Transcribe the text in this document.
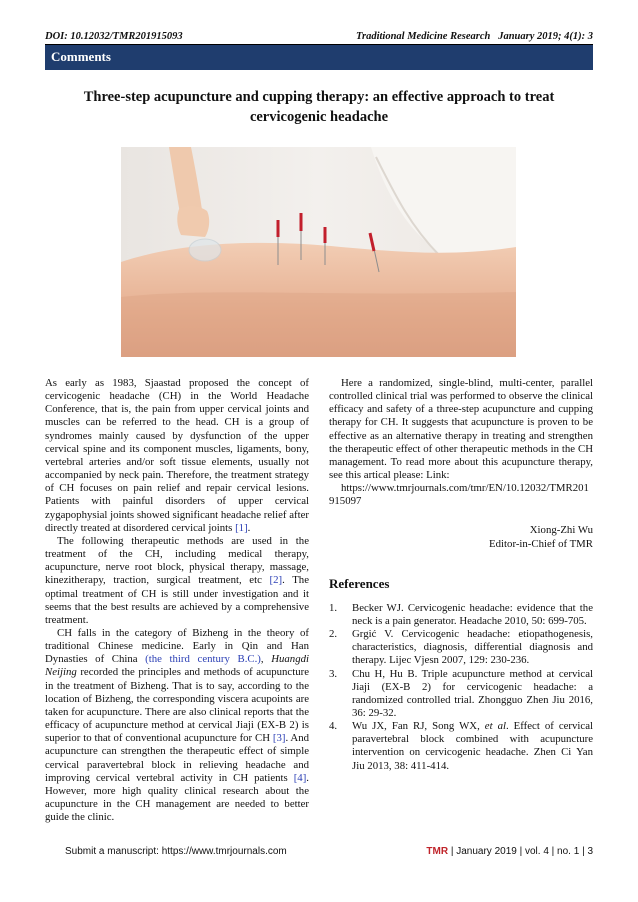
DOI: 10.12032/TMR201915093	Traditional Medicine Research January 2019; 4(1): 3
Comments
Three-step acupuncture and cupping therapy: an effective approach to treat cervicogenic headache

As early as 1983, Sjaastad proposed the concept of cervicogenic headache (CH) in the World Headache Conference, that is, the pain from upper cervical joints and muscles can be referred to the head. CH is a group of syndromes mainly caused by dysfunction of the upper cervical spine and its component muscles, ligaments, bony, vertebral arteries and/or soft tissue elements, usually not accompanied by neck pain. Therefore, the treatment strategy of CH focuses on pain relief and repair cervical lesions. Patients with painful disorders of upper cervical zygapophysial joints showed significant headache relief after directly treated at disordered cervical joints [1].

The following therapeutic methods are used in the treatment of the CH, including medical therapy, acupuncture, nerve root block, physical therapy, massage, kinezitherapy, traction, surgical treatment, etc [2]. The optimal treatment of CH is still under investigation and it seems that the best results are achieved by a comprehensive treatment.

CH falls in the category of Bizheng in the theory of traditional Chinese medicine. Early in Qin and Han Dynasties of China (the third century B.C.), Huangdi Neijing recorded the principles and methods of acupuncture in the treatment of Bizheng. That is to say, according to the location of Bizheng, the corresponding viscera acupoints are taken for acupuncture. There are also clinical reports that the efficacy of acupuncture method at cervical Jiaji (EX-B 2) is superior to that of conventional acupuncture for CH [3]. And acupuncture can strengthen the therapeutic effect of simple cervical paravertebral block in relieving headache and improving cervical vertebral activity in CH patients [4]. However, more high quality clinical research about the acupuncture in the CH management are needed to better guide the clinic.

Here a randomized, single-blind, multi-center, parallel controlled clinical trial was performed to observe the clinical efficacy and safety of a three-step acupuncture and cupping therapy for CH. It suggests that acupuncture is proven to be effective as an alternative therapy in treating and strengthen the therapeutic effect of other therapeutic methods in the CH management. To read more about this acupuncture therapy, see this artical please: Link:

https://www.tmrjournals.com/tmr/EN/10.12032/TMR201915097

Xiong-Zhi Wu
Editor-in-Chief of TMR
References
1. Becker WJ. Cervicogenic headache: evidence that the neck is a pain generator. Headache 2010, 50: 699-705.
2. Grgić V. Cervicogenic headache: etiopathogenesis, characteristics, diagnosis, differential diagnosis and therapy. Lijec Vjesn 2007, 129: 230-236.
3. Chu H, Hu B. Triple acupuncture method at cervical Jiaji (EX-B 2) for cervicogenic headache: a randomized controlled trial. Zhongguo Zhen Jiu 2016, 36: 29-32.
4. Wu JX, Fan RJ, Song WX, et al. Effect of cervical paravertebral block combined with acupuncture intervention on cervicogenic headache. Zhen Ci Yan Jiu 2013, 38: 411-414.
Submit a manuscript: https://www.tmrjournals.com	TMR | January 2019 | vol. 4 | no. 1 | 3
